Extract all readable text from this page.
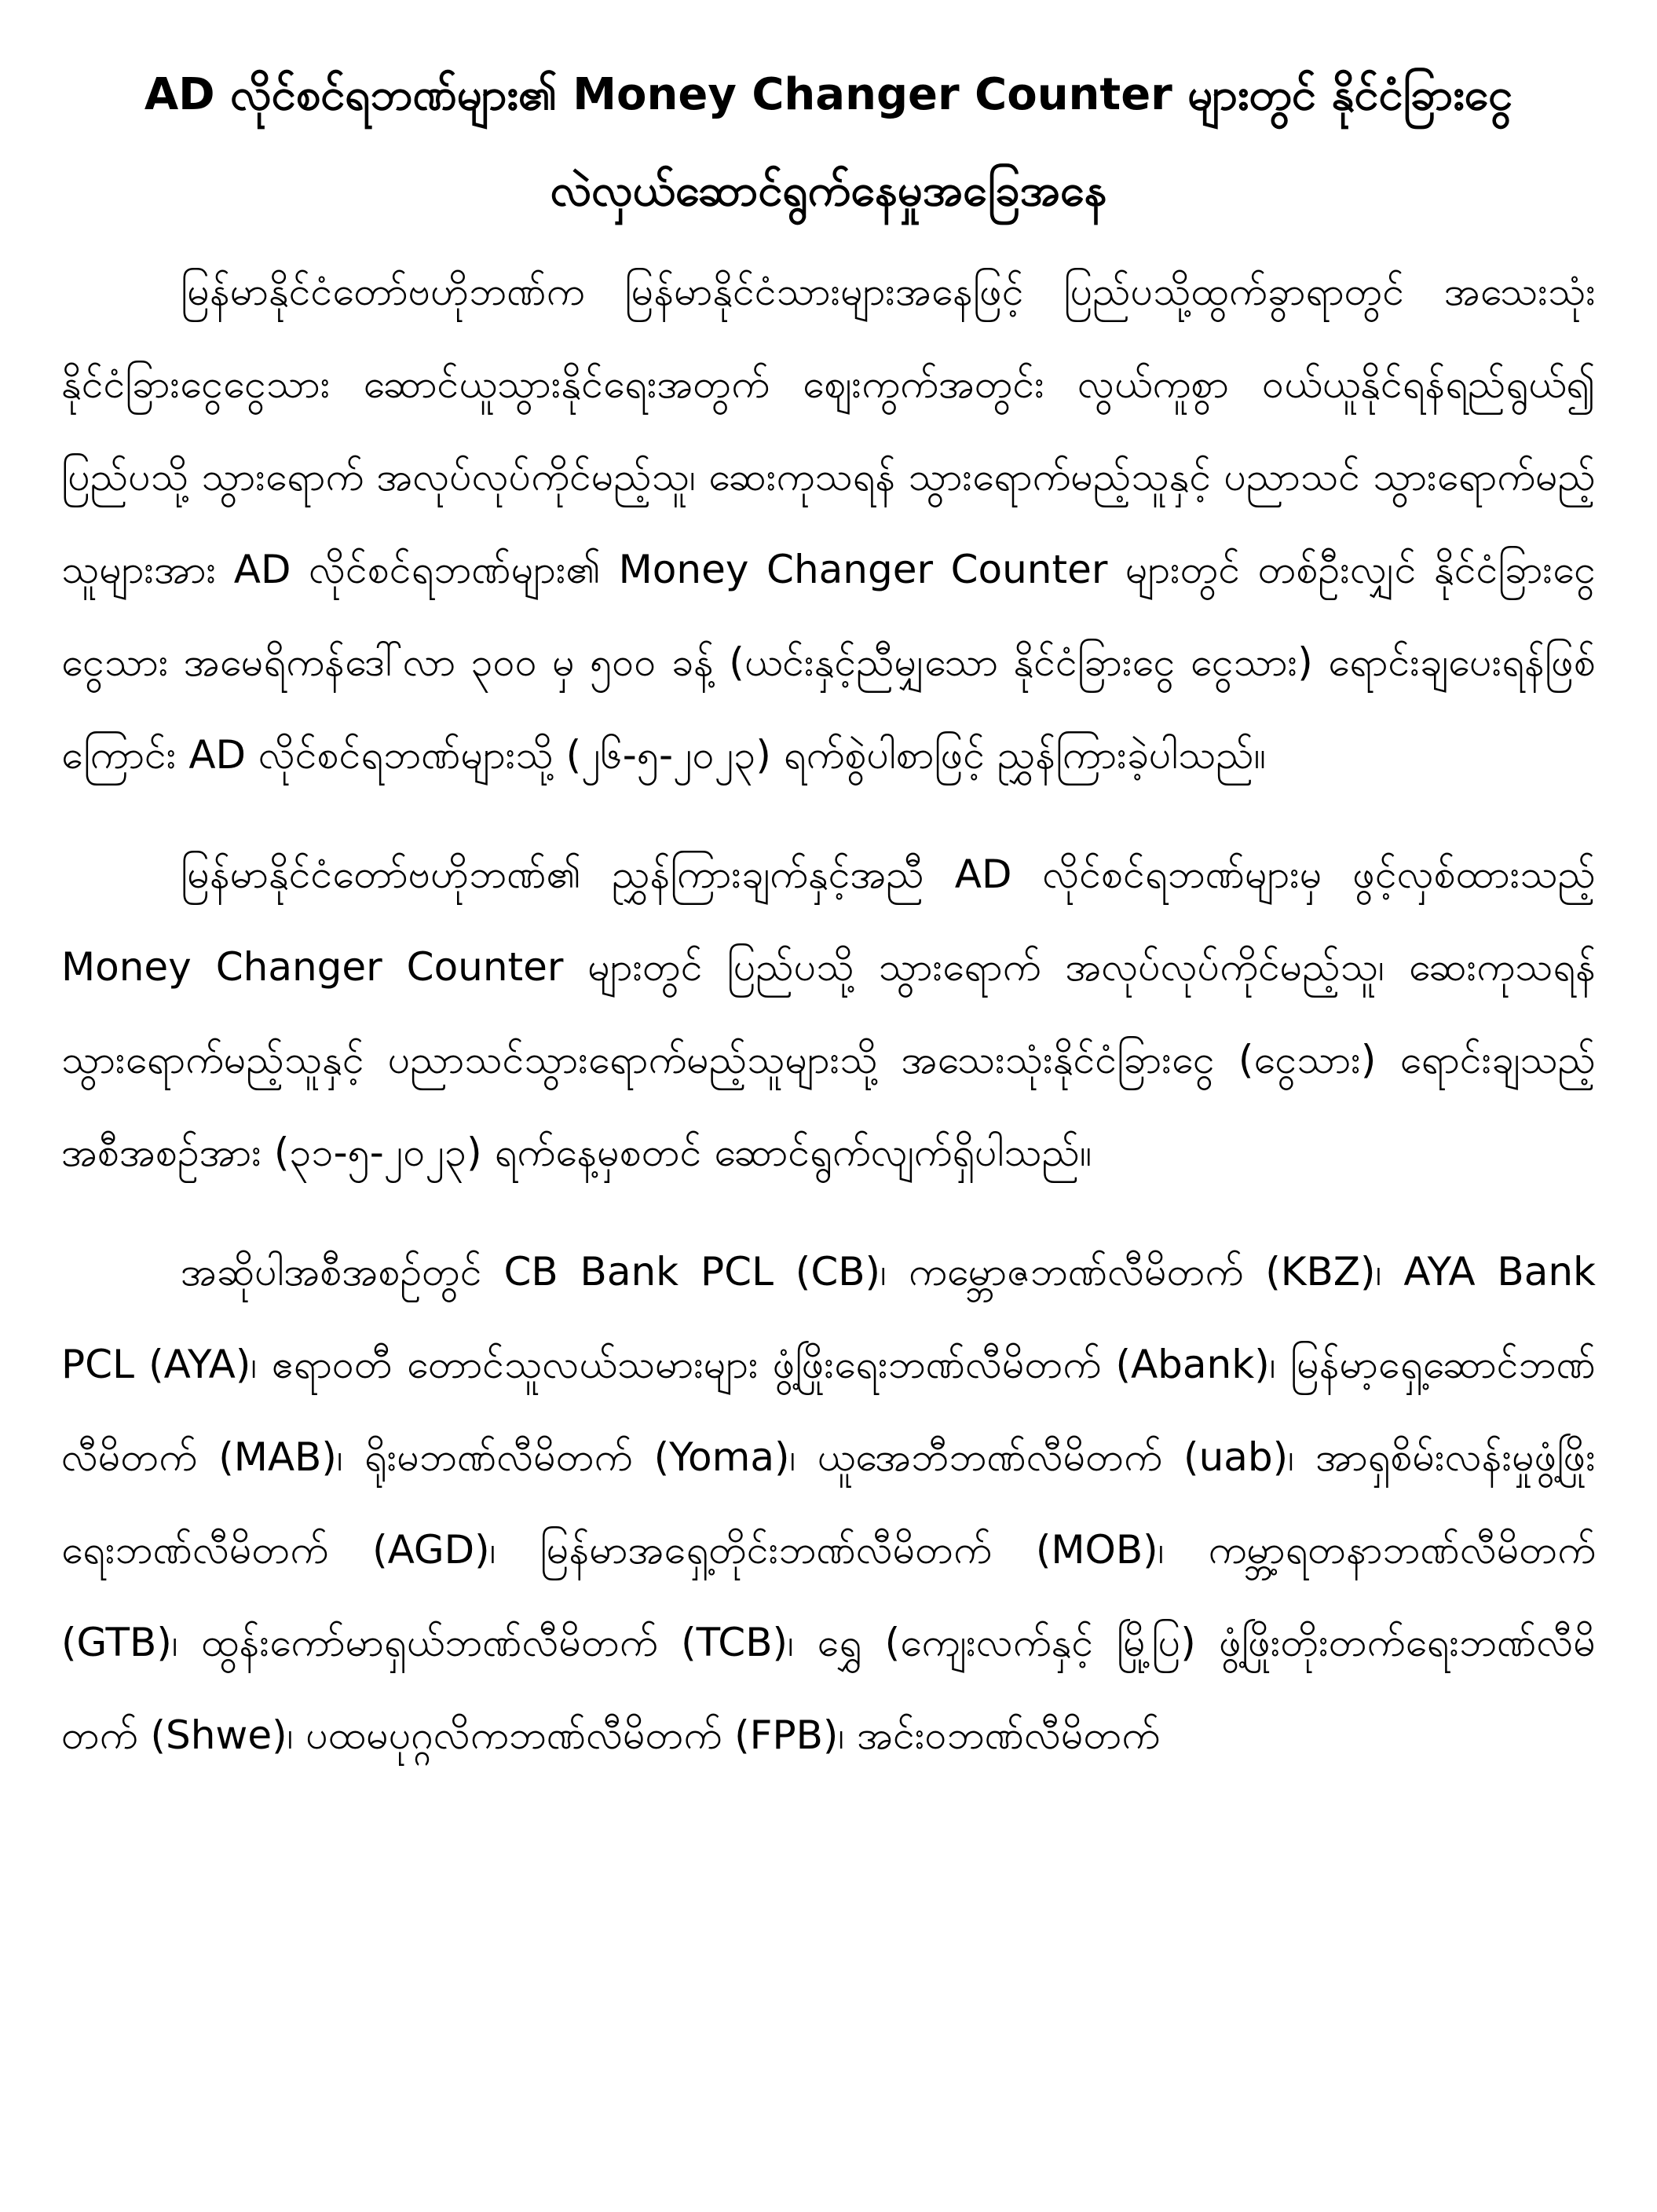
AD လိုင်စင်ရဘဏ်များ၏ Money Changer Counter များတွင် နိုင်ငံခြားငွေ
လဲလှယ်ဆောင်ရွက်နေမှုအခြေအနေ

မြန်မာနိုင်ငံတော်ဗဟိုဘဏ်က မြန်မာနိုင်ငံသားများအနေဖြင့် ပြည်ပသို့ထွက်ခွာရာတွင် အသေးသုံး နိုင်ငံခြားငွေငွေသား ဆောင်ယူသွားနိုင်ရေးအတွက် ဈေးကွက်အတွင်း လွယ်ကူစွာ ဝယ်ယူနိုင်ရန်ရည်ရွယ်၍ ပြည်ပသို့ သွားရောက် အလုပ်လုပ်ကိုင်မည့်သူ၊ ဆေးကုသရန် သွားရောက်မည့်သူနှင့် ပညာသင် သွားရောက်မည့်သူများအား AD လိုင်စင်ရဘဏ်များ၏ Money Changer Counter များတွင် တစ်ဦးလျှင် နိုင်ငံခြားငွေငွေသား အမေရိကန်ဒေါ်လာ ၃၀၀ မှ ၅၀၀ ခန့် (ယင်းနှင့်ညီမျှသော နိုင်ငံခြားငွေ ငွေသား) ရောင်းချပေးရန်ဖြစ်ကြောင်း AD လိုင်စင်ရဘဏ်များသို့ (၂၆-၅-၂၀၂၃) ရက်စွဲပါစာဖြင့် ညွှန်ကြားခဲ့ပါသည်။

မြန်မာနိုင်ငံတော်ဗဟိုဘဏ်၏ ညွှန်ကြားချက်နှင့်အညီ AD လိုင်စင်ရဘဏ်များမှ ဖွင့်လှစ်ထားသည့် Money Changer Counter များတွင် ပြည်ပသို့ သွားရောက် အလုပ်လုပ်ကိုင်မည့်သူ၊ ဆေးကုသရန် သွားရောက်မည့်သူနှင့် ပညာသင်သွားရောက်မည့်သူများသို့ အသေးသုံးနိုင်ငံခြားငွေ (ငွေသား) ရောင်းချသည့် အစီအစဉ်အား (၃၁-၅-၂၀၂၃) ရက်နေ့မှစတင် ဆောင်ရွက်လျက်ရှိပါသည်။

အဆိုပါအစီအစဉ်တွင် CB Bank PCL (CB)၊ ကမ္ဘောဇဘဏ်လီမိတက် (KBZ)၊ AYA Bank PCL (AYA)၊ ဧရာဝတီ တောင်သူလယ်သမားများ ဖွံ့ဖြိုးရေးဘဏ်လီမိတက် (Abank)၊ မြန်မာ့ရှေ့ဆောင်ဘဏ်လီမိတက် (MAB)၊ ရိုးမဘဏ်လီမိတက် (Yoma)၊ ယူအေဘီဘဏ်လီမိတက် (uab)၊ အာရှစိမ်းလန်းမှုဖွံ့ဖြိုးရေးဘဏ်လီမိတက် (AGD)၊ မြန်မာအရှေ့တိုင်းဘဏ်လီမိတက် (MOB)၊ ကမ္ဘာ့ရတနာဘဏ်လီမိတက် (GTB)၊ ထွန်းကော်မာရှယ်ဘဏ်လီမိတက် (TCB)၊ ရွှေ (ကျေးလက်နှင့် မြို့ပြ) ဖွံ့ဖြိုးတိုးတက်ရေးဘဏ်လီမိတက် (Shwe)၊ ပထမပုဂ္ဂလိကဘဏ်လီမိတက် (FPB)၊ အင်းဝဘဏ်လီမိတက်
